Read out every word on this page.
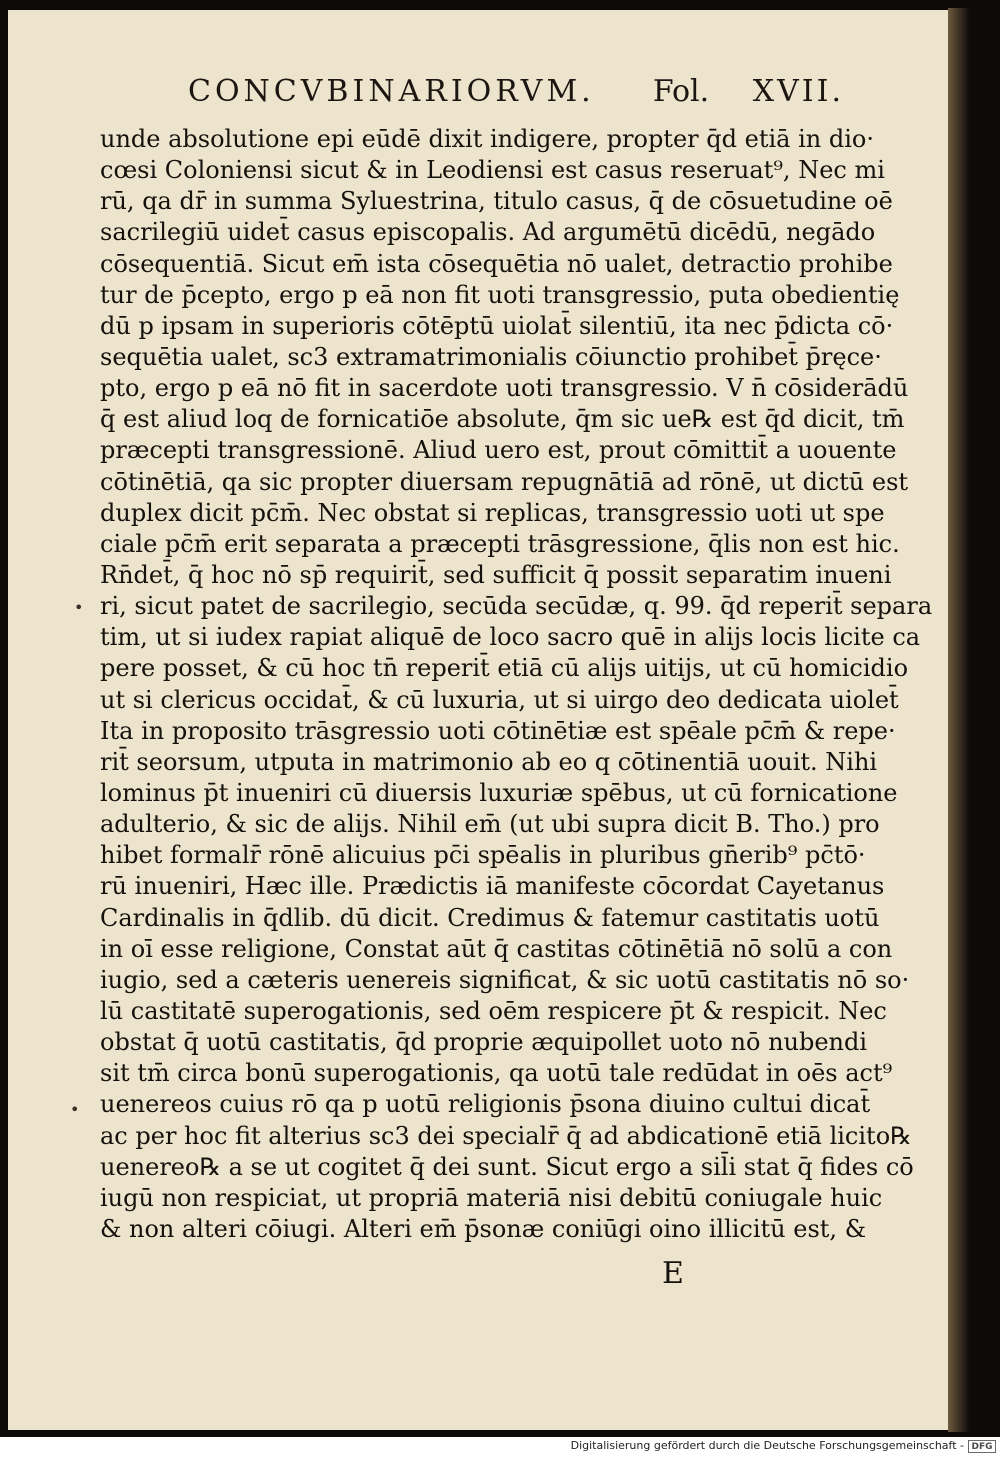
CONCVBINARIORVM. Fol. XVII.
unde absolutione epi eūdē dixit indigere, propter q̄d etiā in dio·
cœsi Coloniensi sicut & in Leodiensi est casus reseruat⁹, Nec mi
rū, qa dr̄ in summa Syluestrina, titulo casus, q̄ de cōsuetudine oē
sacrilegiū uidet̄ casus episcopalis. Ad argumētū dicēdū, negādo
cōsequentiā. Sicut em̄ ista cōsequētia nō ualet, detractio prohibe
tur de p̄cepto, ergo p eā non fit uoti transgressio, puta obedientię
dū p ipsam in superioris cōtēptū uiolat̄ silentiū, ita nec p̄dicta cō·
sequētia ualet, sc3 extramatrimonialis cōiunctio prohibet̄ p̄ręce·
pto, ergo p eā nō fit in sacerdote uoti transgressio. V n̄ cōsiderādū
q̄ est aliud loq de fornicatiōe absolute, q̄m sic ue℞ est q̄d dicit, tm̄
præcepti transgressionē. Aliud uero est, prout cōmittit̄ a uouente
cōtinētiā, qa sic propter diuersam repugnātiā ad rōnē, ut dictū est
duplex dicit pc̄m̄. Nec obstat si replicas, transgressio uoti ut spe
ciale pc̄m̄ erit separata a præcepti trāsgressione, q̄lis non est hic.
Rn̄det̄, q̄ hoc nō sp̄ requirit̄, sed sufficit q̄ possit separatim inueni
ri, sicut patet de sacrilegio, secūda secūdæ, q. 99. q̄d reperit̄ separa
tim, ut si iudex rapiat aliquē de loco sacro quē in alijs locis licite ca
pere posset, & cū hoc tn̄ reperit̄ etiā cū alijs uitijs, ut cū homicidio
ut si clericus occidat̄, & cū luxuria, ut si uirgo deo dedicata uiolet̄
Ita in proposito trāsgressio uoti cōtinētiæ est spēale pc̄m̄ & repe·
rit̄ seorsum, utputa in matrimonio ab eo q cōtinentiā uouit. Nihi
lominus p̄t inueniri cū diuersis luxuriæ spēbus, ut cū fornicatione
adulterio, & sic de alijs. Nihil em̄ (ut ubi supra dicit B. Tho.) pro
hibet formalr̄ rōnē alicuius pc̄i spēalis in pluribus gn̄erib⁹ pc̄tō·
rū inueniri, Hæc ille. Prædictis iā manifeste cōcordat Cayetanus
Cardinalis in q̄dlib. dū dicit. Credimus & fatemur castitatis uotū
in oī esse religione, Constat aūt q̄ castitas cōtinētiā nō solū a con
iugio, sed a cæteris uenereis significat, & sic uotū castitatis nō so·
lū castitatē superogationis, sed oēm respicere p̄t & respicit. Nec
obstat q̄ uotū castitatis, q̄d proprie æquipollet uoto nō nubendi
sit tm̄ circa bonū superogationis, qa uotū tale redūdat in oēs act⁹
uenereos cuius rō qa p uotū religionis p̄sona diuino cultui dicat̄
ac per hoc fit alterius sc3 dei specialr̄ q̄ ad abdicationē etiā licito℞
uenereo℞ a se ut cogitet q̄ dei sunt. Sicut ergo a sil̄i stat q̄ fides cō
iugū non respiciat, ut propriā materiā nisi debitū coniugale huic
& non alteri cōiugi. Alteri em̄ p̄sonæ coniūgi oino illicitū est, &
•
•
E
Digitalisierung gefördert durch die Deutsche Forschungsgemeinschaft - DFG
